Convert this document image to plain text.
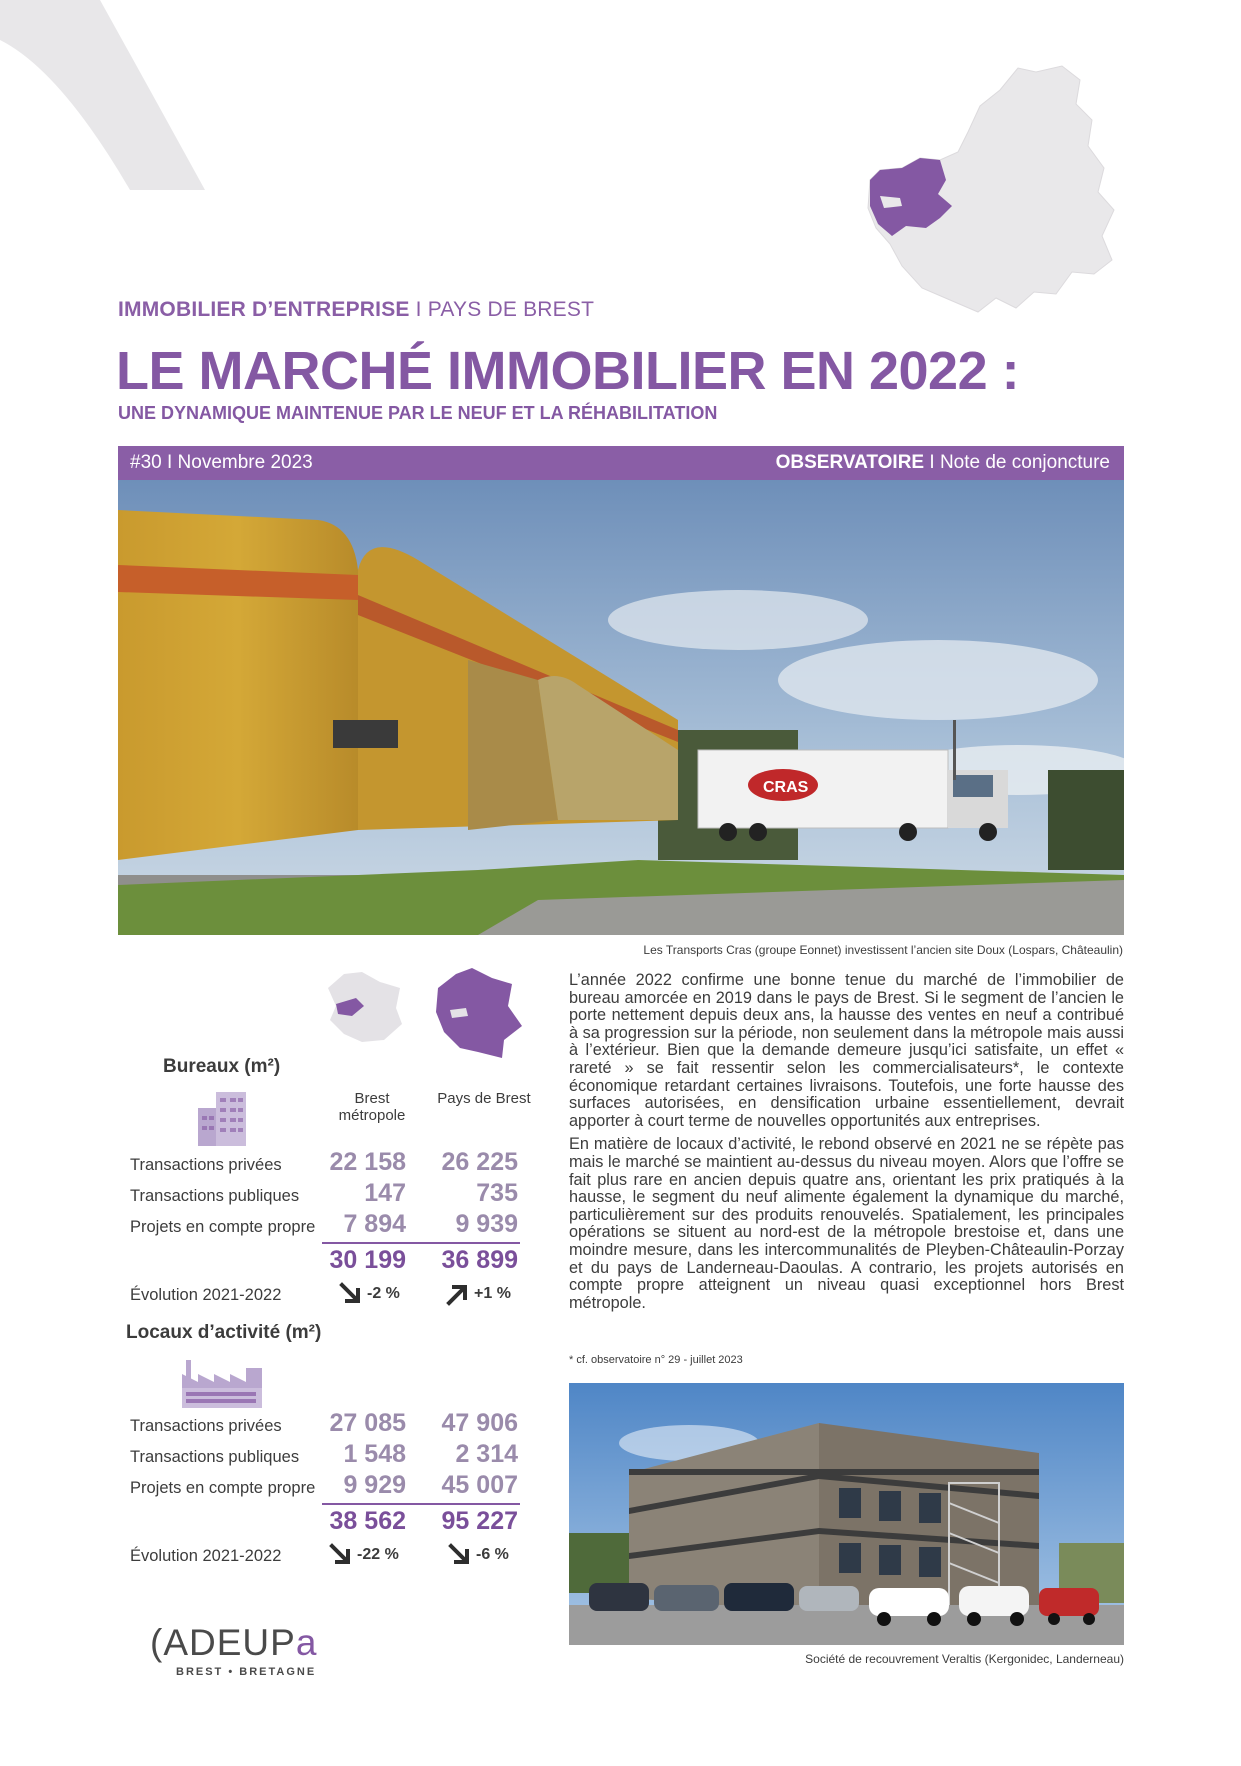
IMMOBILIER D’ENTREPRISE I PAYS DE BREST
LE MARCHÉ IMMOBILIER EN 2022 :
UNE DYNAMIQUE MAINTENUE PAR LE NEUF ET LA RÉHABILITATION
#30 I Novembre 2023	OBSERVATOIRE I Note de conjoncture
CRAS
Les Transports Cras (groupe Eonnet) investissent l’ancien site Doux (Lospars, Châteaulin)
Brest métropole
Pays de Brest
Bureaux (m²)
Transactions privées	22 158	26 225
Transactions publiques	147	735
Projets en compte propre	7 894	9 939
30 199	36 899
Évolution 2021-2022	-2 %	+1 %
Locaux d’activité (m²)
Transactions privées	27 085	47 906
Transactions publiques	1 548	2 314
Projets en compte propre	9 929	45 007
38 562	95 227
Évolution 2021-2022	-22 %	-6 %

L’année 2022 confirme une bonne tenue du marché de l’immobilier de bureau amorcée en 2019 dans le pays de Brest. Si le segment de l’ancien le porte nettement depuis deux ans, la hausse des ventes en neuf a contribué à sa progression sur la période, non seulement dans la métropole mais aussi à l’extérieur. Bien que la demande demeure jusqu’ici satisfaite, un effet « rareté » se fait ressentir selon les commercialisateurs*, le contexte économique retardant certaines livraisons. Toutefois, une forte hausse des surfaces autorisées, en densification urbaine essentiellement, devrait apporter à court terme de nouvelles opportunités aux entreprises.

En matière de locaux d’activité, le rebond observé en 2021 ne se répète pas mais le marché se maintient au-dessus du niveau moyen. Alors que l’offre se fait plus rare en ancien depuis quatre ans, orientant les prix pratiqués à la hausse, le segment du neuf alimente également la dynamique du marché, particulièrement sur des produits renouvelés. Spatialement, les principales opérations se situent au nord-est de la métropole brestoise et, dans une moindre mesure, dans les intercommunalités de Pleyben-Châteaulin-Porzay et du pays de Landerneau-Daoulas. A contrario, les projets autorisés en compte propre atteignent un niveau quasi exceptionnel hors Brest métropole.

* cf. observatoire n° 29 - juillet 2023
Société de recouvrement Veraltis (Kergonidec, Landerneau)
(ADEUPa
BREST • BRETAGNE
